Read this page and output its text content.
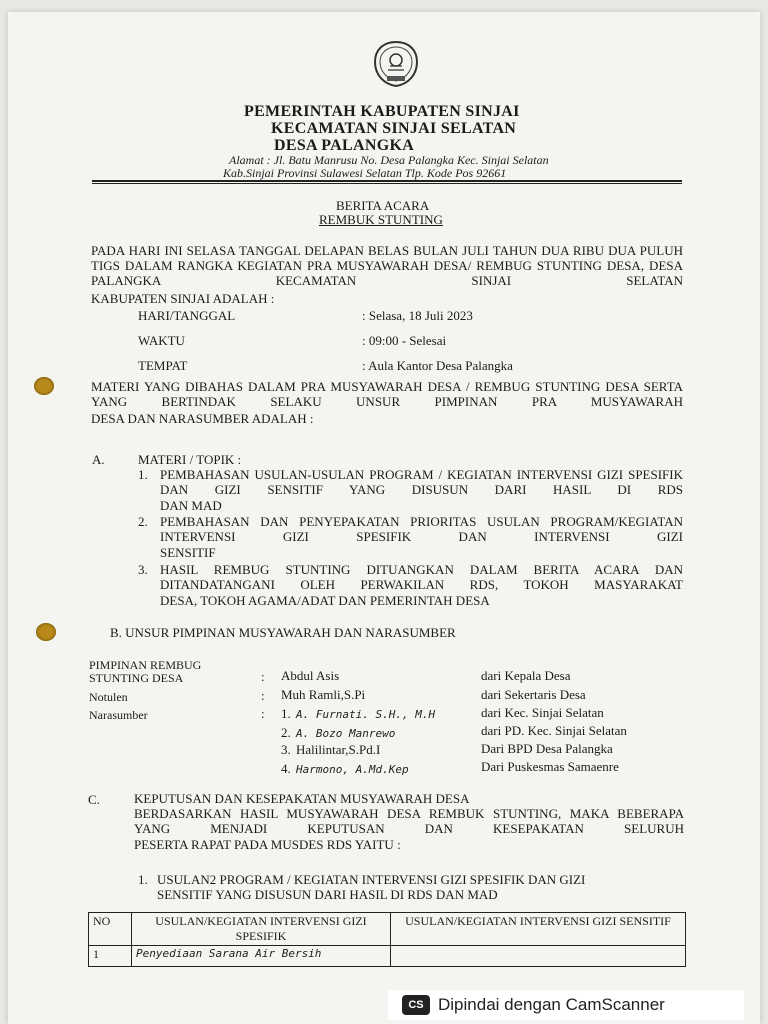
PEMERINTAH KABUPATEN SINJAI
KECAMATAN SINJAI SELATAN
DESA PALANGKA
Alamat : Jl. Batu Manrusu No. Desa Palangka Kec. Sinjai Selatan
Kab.Sinjai Provinsi Sulawesi Selatan Tlp. Kode Pos 92661
BERITA ACARA
REMBUK STUNTING
PADA HARI INI SELASA TANGGAL DELAPAN BELAS BULAN JULI TAHUN DUA RIBU DUA PULUH TIGS DALAM RANGKA KEGIATAN PRA MUSYAWARAH DESA/ REMBUG STUNTING DESA, DESA PALANGKA KECAMATAN SINJAI SELATAN
KABUPATEN SINJAI ADALAH :
HARI/TANGGAL	: Selasa, 18 Juli 2023
WAKTU	: 09:00 - Selesai
TEMPAT	: Aula Kantor Desa Palangka
MATERI YANG DIBAHAS DALAM PRA MUSYAWARAH DESA / REMBUG STUNTING DESA SERTA YANG BERTINDAK SELAKU UNSUR PIMPINAN PRA MUSYAWARAH
DESA DAN NARASUMBER ADALAH :
A.	MATERI / TOPIK :
1. PEMBAHASAN USULAN-USULAN PROGRAM / KEGIATAN INTERVENSI GIZI SPESIFIK DAN GIZI SENSITIF YANG DISUSUN DARI HASIL DI RDS
DAN MAD
2. PEMBAHASAN DAN PENYEPAKATAN PRIORITAS USULAN PROGRAM/KEGIATAN INTERVENSI GIZI SPESIFIK DAN INTERVENSI GIZI
SENSITIF
3. HASIL REMBUG STUNTING DITUANGKAN DALAM BERITA ACARA DAN DITANDATANGANI OLEH PERWAKILAN RDS, TOKOH MASYARAKAT
DESA, TOKOH AGAMA/ADAT DAN PEMERINTAH DESA
B. UNSUR PIMPINAN MUSYAWARAH DAN NARASUMBER
PIMPINAN REMBUG
STUNTING DESA	: Abdul Asis	dari Kepala Desa
Notulen	: Muh Ramli,S.Pi	dari Sekertaris Desa
Narasumber	: 1. A. Furnati. S.H., M.H	dari Kec. Sinjai Selatan
2. A. Bozo Manrewo	dari PD. Kec. Sinjai Selatan
3. Halilintar,S.Pd.I	Dari BPD Desa Palangka
4. Harmono, A.Md.Kep	Dari Puskesmas Samaenre
C.	KEPUTUSAN DAN KESEPAKATAN MUSYAWARAH DESA
BERDASARKAN HASIL MUSYAWARAH DESA REMBUK STUNTING, MAKA BEBERAPA YANG MENJADI KEPUTUSAN DAN KESEPAKATAN SELURUH
PESERTA RAPAT PADA MUSDES RDS YAITU :
1. USULAN2 PROGRAM / KEGIATAN INTERVENSI GIZI SPESIFIK DAN GIZI
SENSITIF YANG DISUSUN DARI HASIL DI RDS DAN MAD
NO	USULAN/KEGIATAN INTERVENSI GIZI SPESIFIK	USULAN/KEGIATAN INTERVENSI GIZI SENSITIF
1	Penyediaan Sarana Air Bersih	
CS Dipindai dengan CamScanner
